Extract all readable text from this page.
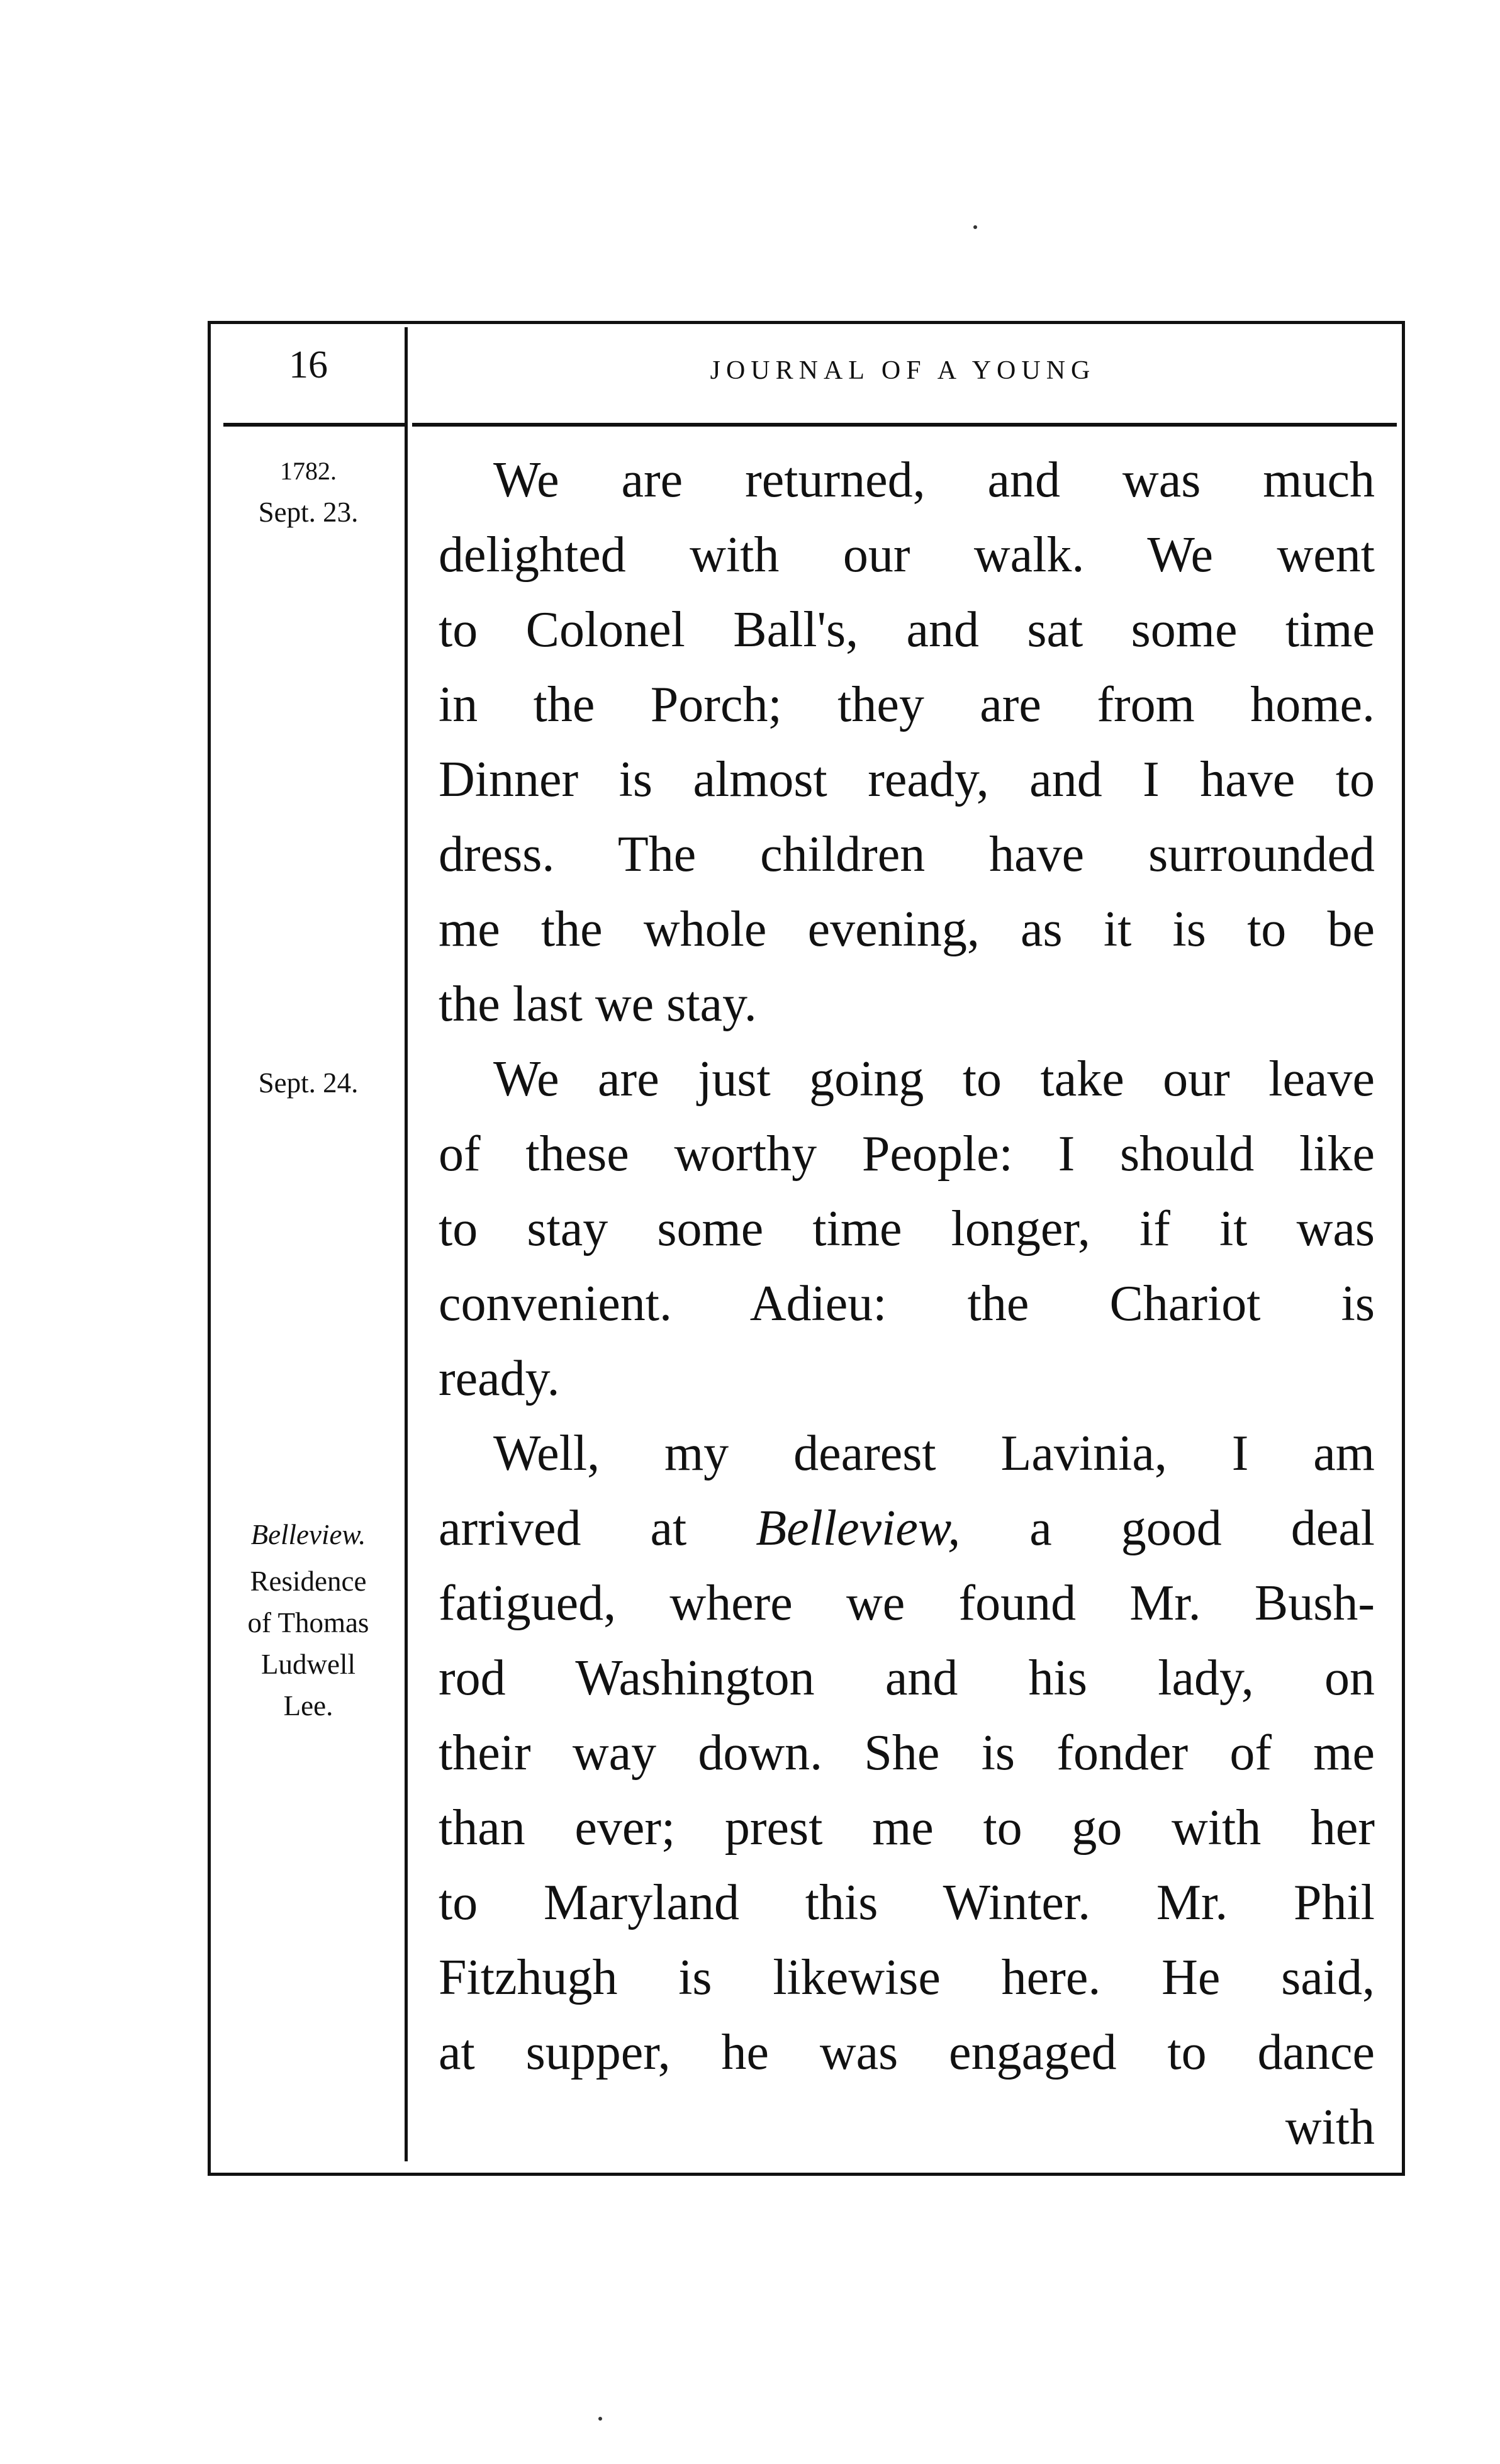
16	JOURNAL OF A YOUNG
1782.
Sept. 23.
Sept. 24.
Belleview.
Residence
of Thomas
Ludwell
Lee.
We are returned, and was much
delighted with our walk. We went
to Colonel Ball's, and sat some time
in the Porch; they are from home.
Dinner is almost ready, and I have to
dress. The children have surrounded
me the whole evening, as it is to be
the last we stay.
We are just going to take our leave
of these worthy People: I should like
to stay some time longer, if it was
convenient. Adieu: the Chariot is
ready.
Well, my dearest Lavinia, I am
arrived at Belleview, a good deal
fatigued, where we found Mr. Bush-
rod Washington and his lady, on
their way down. She is fonder of me
than ever; prest me to go with her
to Maryland this Winter. Mr. Phil
Fitzhugh is likewise here. He said,
at supper, he was engaged to dance
with
